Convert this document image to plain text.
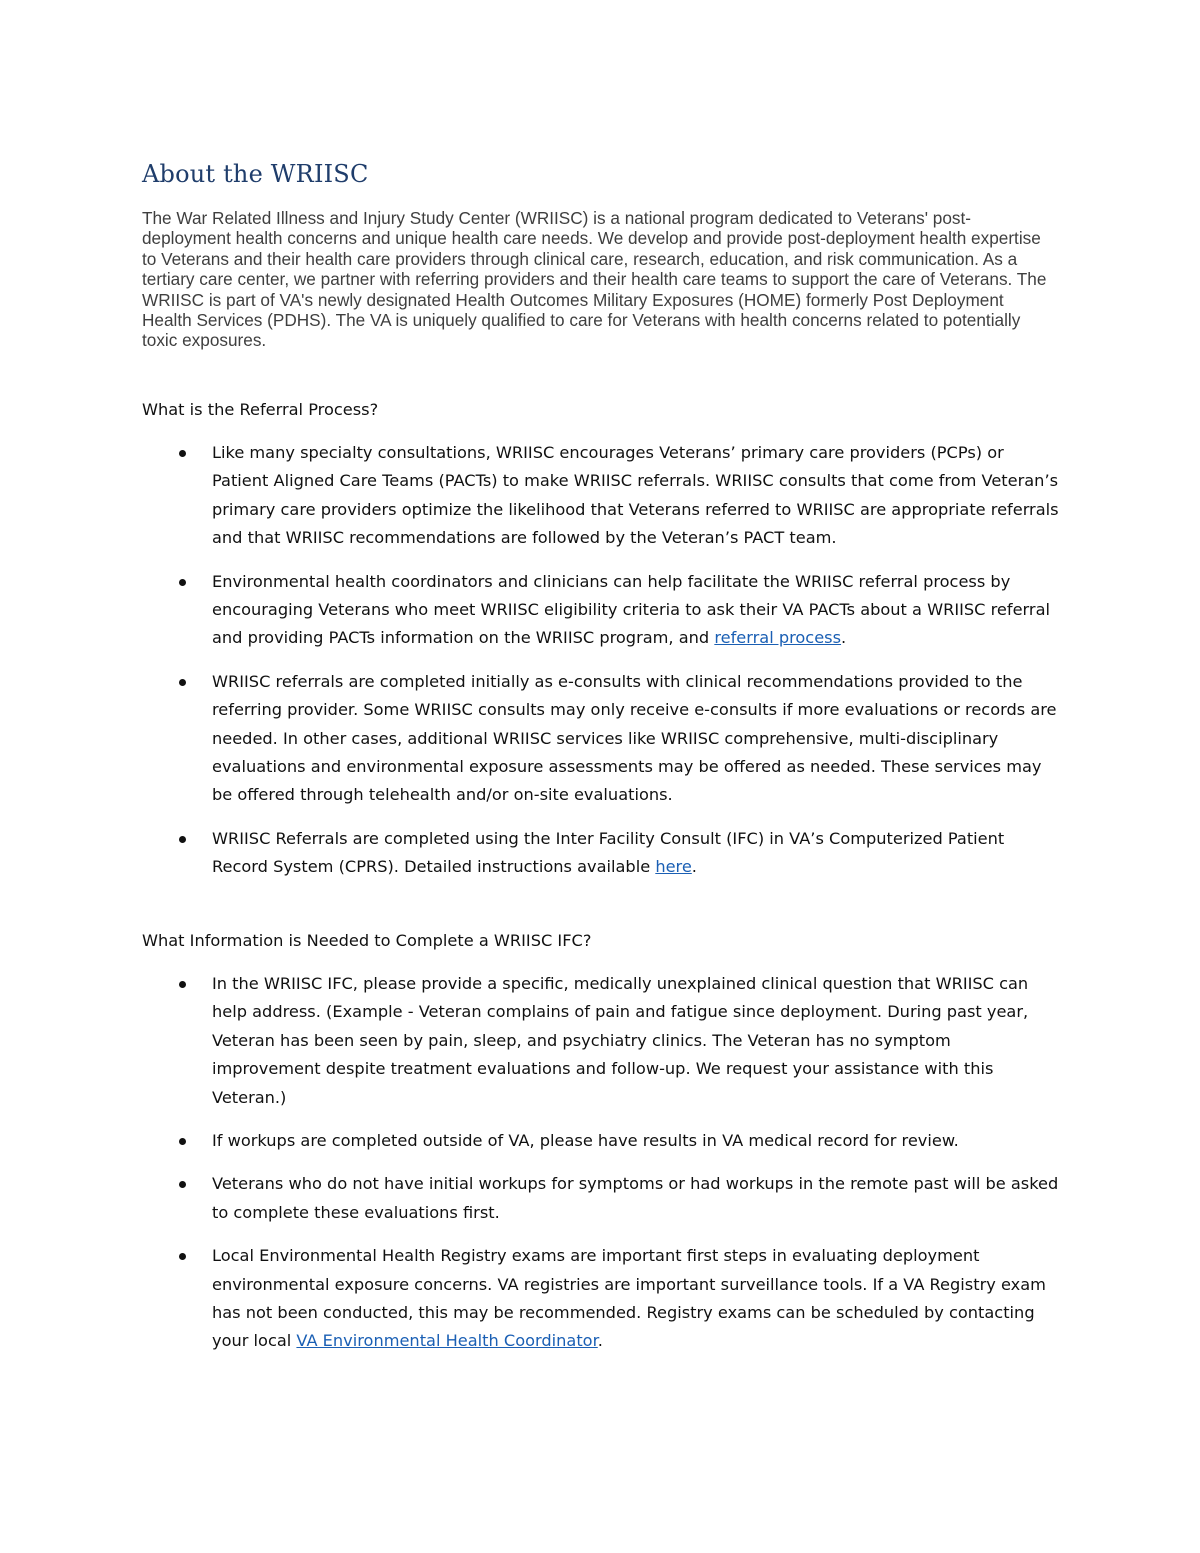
About the WRIISC

The War Related Illness and Injury Study Center (WRIISC) is a national program dedicated to Veterans' post-deployment health concerns and unique health care needs. We develop and provide post-deployment health expertise to Veterans and their health care providers through clinical care, research, education, and risk communication. As a tertiary care center, we partner with referring providers and their health care teams to support the care of Veterans. The WRIISC is part of VA's newly designated Health Outcomes Military Exposures (HOME) formerly Post Deployment Health Services (PDHS). The VA is uniquely qualified to care for Veterans with health concerns related to potentially toxic exposures.

What is the Referral Process?
Like many specialty consultations, WRIISC encourages Veterans’ primary care providers (PCPs) or Patient Aligned Care Teams (PACTs) to make WRIISC referrals. WRIISC consults that come from Veteran’s primary care providers optimize the likelihood that Veterans referred to WRIISC are appropriate referrals and that WRIISC recommendations are followed by the Veteran’s PACT team.
Environmental health coordinators and clinicians can help facilitate the WRIISC referral process by encouraging Veterans who meet WRIISC eligibility criteria to ask their VA PACTs about a WRIISC referral and providing PACTs information on the WRIISC program, and referral process.
WRIISC referrals are completed initially as e-consults with clinical recommendations provided to the referring provider. Some WRIISC consults may only receive e-consults if more evaluations or records are needed. In other cases, additional WRIISC services like WRIISC comprehensive, multi-disciplinary evaluations and environmental exposure assessments may be offered as needed. These services may be offered through telehealth and/or on-site evaluations.
WRIISC Referrals are completed using the Inter Facility Consult (IFC) in VA’s Computerized Patient Record System (CPRS). Detailed instructions available here.
What Information is Needed to Complete a WRIISC IFC?
In the WRIISC IFC, please provide a specific, medically unexplained clinical question that WRIISC can help address. (Example - Veteran complains of pain and fatigue since deployment. During past year, Veteran has been seen by pain, sleep, and psychiatry clinics. The Veteran has no symptom improvement despite treatment evaluations and follow-up. We request your assistance with this Veteran.)
If workups are completed outside of VA, please have results in VA medical record for review.
Veterans who do not have initial workups for symptoms or had workups in the remote past will be asked to complete these evaluations first.
Local Environmental Health Registry exams are important first steps in evaluating deployment environmental exposure concerns. VA registries are important surveillance tools. If a VA Registry exam has not been conducted, this may be recommended. Registry exams can be scheduled by contacting your local VA Environmental Health Coordinator.
